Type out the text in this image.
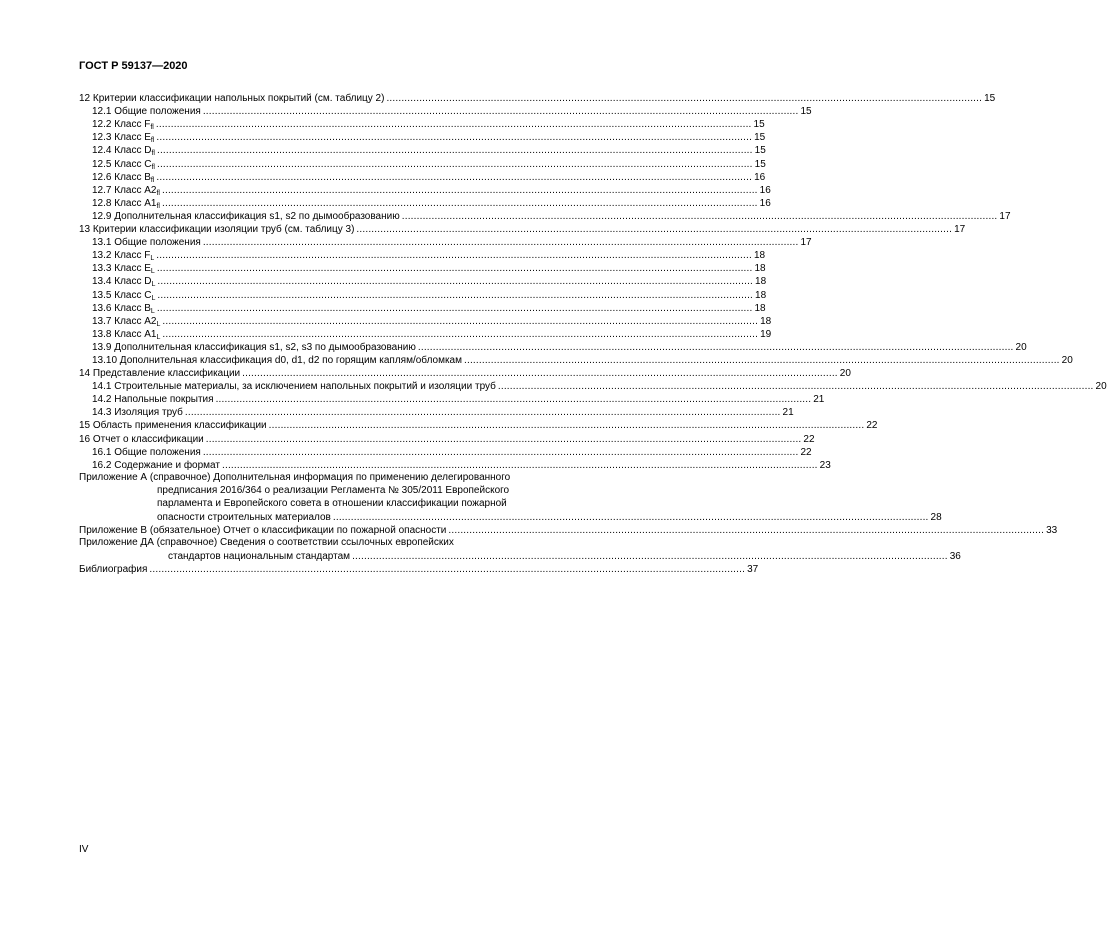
ГОСТ Р 59137—2020
12 Критерии классификации напольных покрытий (см. таблицу 2) ........................................................................................................................................................................................................ 15
12.1 Общие положения ........................................................................................................................................................................................................ 15
12.2 Класс $F_{fl}$ ........................................................................................................................................................................................................ 15
12.3 Класс $E_{fl}$ ........................................................................................................................................................................................................ 15
12.4 Класс $D_{fl}$ ........................................................................................................................................................................................................ 15
12.5 Класс $C_{fl}$ ........................................................................................................................................................................................................ 15
12.6 Класс $B_{fl}$ ........................................................................................................................................................................................................ 16
12.7 Класс $A2_{fl}$ ........................................................................................................................................................................................................ 16
12.8 Класс $A1_{fl}$ ........................................................................................................................................................................................................ 16
12.9 Дополнительная классификация s1, s2 по дымообразованию ........................................................................................................................................................................................................ 17
13 Критерии классификации изоляции труб (см. таблицу 3) ........................................................................................................................................................................................................ 17
13.1 Общие положения ........................................................................................................................................................................................................ 17
13.2 Класс $F_L$ ........................................................................................................................................................................................................ 18
13.3 Класс $E_L$ ........................................................................................................................................................................................................ 18
13.4 Класс $D_L$ ........................................................................................................................................................................................................ 18
13.5 Класс $C_L$ ........................................................................................................................................................................................................ 18
13.6 Класс $B_L$ ........................................................................................................................................................................................................ 18
13.7 Класс $A2_L$ ........................................................................................................................................................................................................ 18
13.8 Класс $A1_L$ ........................................................................................................................................................................................................ 19
13.9 Дополнительная классификация s1, s2, s3 по дымообразованию ........................................................................................................................................................................................................ 20
13.10 Дополнительная классификация d0, d1, d2 по горящим каплям/обломкам ........................................................................................................................................................................................................ 20
14 Представление классификации ........................................................................................................................................................................................................ 20
14.1 Строительные материалы, за исключением напольных покрытий и изоляции труб ........................................................................................................................................................................................................ 20
14.2 Напольные покрытия ........................................................................................................................................................................................................ 21
14.3 Изоляция труб ........................................................................................................................................................................................................ 21
15 Область применения классификации ........................................................................................................................................................................................................ 22
16 Отчет о классификации ........................................................................................................................................................................................................ 22
16.1 Общие положения ........................................................................................................................................................................................................ 22
16.2 Содержание и формат ........................................................................................................................................................................................................ 23
Приложение А (справочное) Дополнительная информация по применению делегированного
предписания 2016/364 о реализации Регламента № 305/2011 Европейского
парламента и Европейского совета в отношении классификации пожарной
опасности строительных материалов ........................................................................................................................................................................................................ 28
Приложение В (обязательное) Отчет о классификации по пожарной опасности ........................................................................................................................................................................................................ 33
Приложение ДА (справочное) Сведения о соответствии ссылочных европейских
стандартов национальным стандартам ........................................................................................................................................................................................................ 36
Библиография ........................................................................................................................................................................................................ 37
IV
